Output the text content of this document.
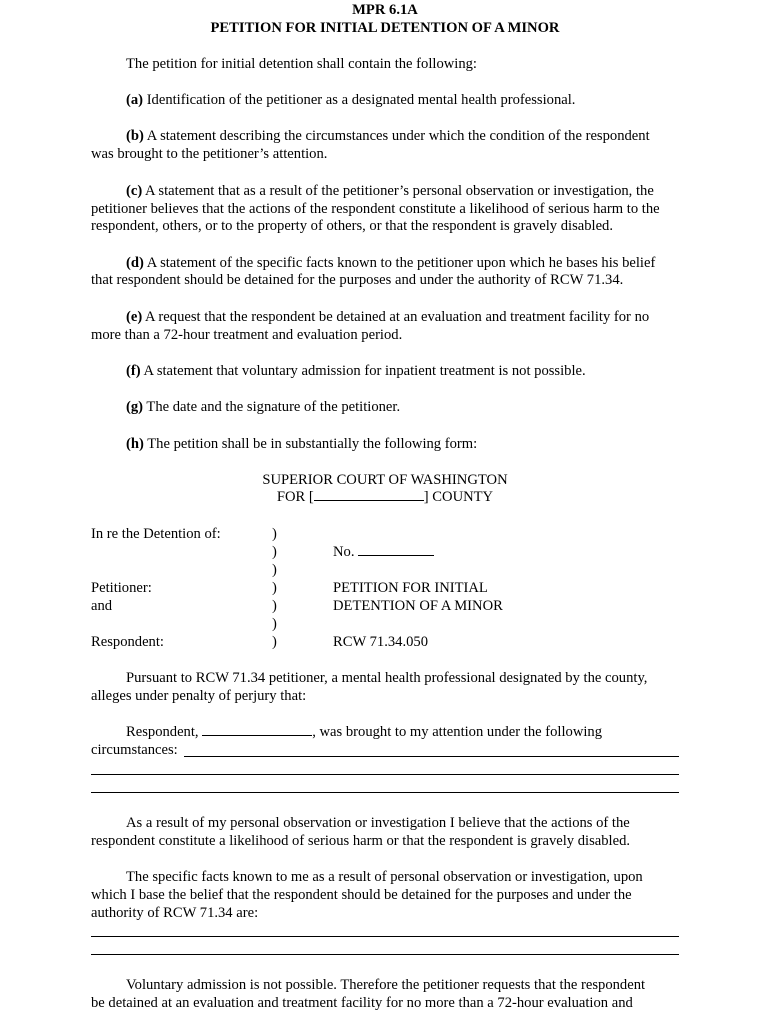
MPR 6.1A
PETITION FOR INITIAL DETENTION OF A MINOR
The petition for initial detention shall contain the following:
(a) Identification of the petitioner as a designated mental health professional.
(b) A statement describing the circumstances under which the condition of the respondent
was brought to the petitioner’s attention.
(c) A statement that as a result of the petitioner’s personal observation or investigation, the
petitioner believes that the actions of the respondent constitute a likelihood of serious harm to the
respondent, others, or to the property of others, or that the respondent is gravely disabled.
(d) A statement of the specific facts known to the petitioner upon which he bases his belief
that respondent should be detained for the purposes and under the authority of RCW 71.34.
(e) A request that the respondent be detained at an evaluation and treatment facility for no
more than a 72-hour treatment and evaluation period.
(f) A statement that voluntary admission for inpatient treatment is not possible.
(g) The date and the signature of the petitioner.
(h) The petition shall be in substantially the following form:
SUPERIOR COURT OF WASHINGTON
FOR [	] COUNTY
In re the Detention of:
Petitioner:
and
Respondent:
)
)
)
)
)
)
)
No.
PETITION FOR INITIAL
DETENTION OF A MINOR
RCW 71.34.050
Pursuant to RCW 71.34 petitioner, a mental health professional designated by the county,
alleges under penalty of perjury that:
Respondent,	, was brought to my attention under the following
circumstances:
As a result of my personal observation or investigation I believe that the actions of the
respondent constitute a likelihood of serious harm or that the respondent is gravely disabled.
The specific facts known to me as a result of personal observation or investigation, upon
which I base the belief that the respondent should be detained for the purposes and under the
authority of RCW 71.34 are:
Voluntary admission is not possible. Therefore the petitioner requests that the respondent
be detained at an evaluation and treatment facility for no more than a 72-hour evaluation and
